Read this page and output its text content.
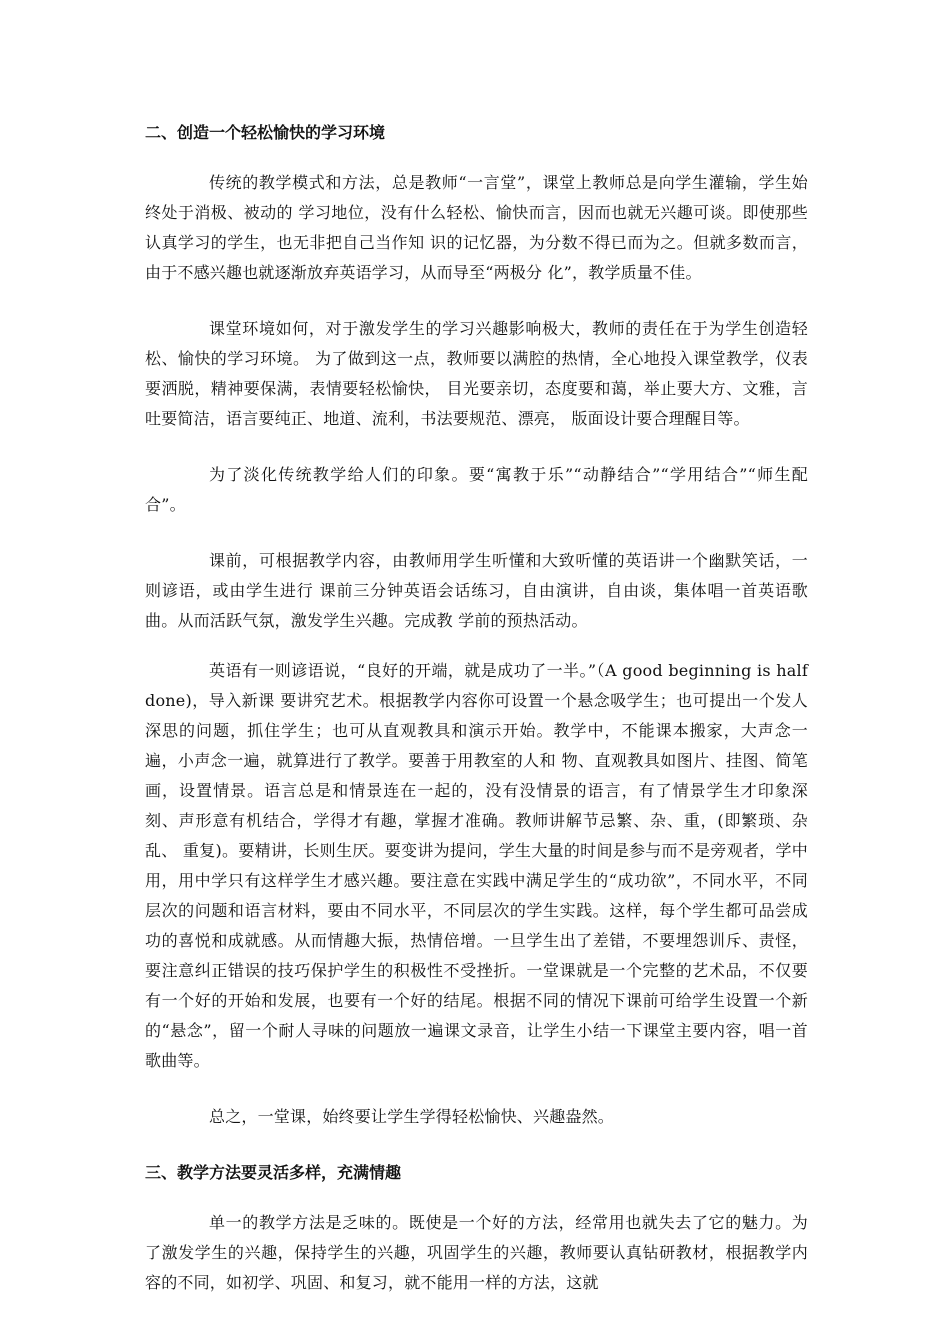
二、创造一个轻松愉快的学习环境

传统的教学模式和方法，总是教师“一言堂”，课堂上教师总是向学生灌输，学生始终处于消极、被动的 学习地位，没有什么轻松、愉快而言，因而也就无兴趣可谈。即使那些认真学习的学生，也无非把自己当作知 识的记忆器，为分数不得已而为之。但就多数而言，由于不感兴趣也就逐渐放弃英语学习，从而导至“两极分 化”，教学质量不佳。

课堂环境如何，对于激发学生的学习兴趣影响极大，教师的责任在于为学生创造轻松、愉快的学习环境。 为了做到这一点，教师要以满腔的热情，全心地投入课堂教学，仪表要洒脱，精神要保满，表情要轻松愉快， 目光要亲切，态度要和蔼，举止要大方、文雅，言吐要简洁，语言要纯正、地道、流利，书法要规范、漂亮， 版面设计要合理醒目等。

为了淡化传统教学给人们的印象。要“寓教于乐”“动静结合”“学用结合”“师生配合”。

课前，可根据教学内容，由教师用学生听懂和大致听懂的英语讲一个幽默笑话，一则谚语，或由学生进行 课前三分钟英语会话练习，自由演讲，自由谈，集体唱一首英语歌曲。从而活跃气氛，激发学生兴趣。完成教 学前的预热活动。

英语有一则谚语说，“良好的开端，就是成功了一半。”（A good beginning is half done)，导入新课 要讲究艺术。根据教学内容你可设置一个悬念吸学生；也可提出一个发人深思的问题，抓住学生；也可从直观教具和演示开始。教学中，不能课本搬家，大声念一遍，小声念一遍，就算进行了教学。要善于用教室的人和 物、直观教具如图片、挂图、简笔画，设置情景。语言总是和情景连在一起的，没有没情景的语言，有了情景学生才印象深刻、声形意有机结合，学得才有趣，掌握才准确。教师讲解节忌繁、杂、重，(即繁琐、杂乱、 重复)。要精讲，长则生厌。要变讲为提问，学生大量的时间是参与而不是旁观者，学中用，用中学只有这样学生才感兴趣。要注意在实践中满足学生的“成功欲”，不同水平，不同层次的问题和语言材料，要由不同水平，不同层次的学生实践。这样，每个学生都可品尝成功的喜悦和成就感。从而情趣大振，热情倍增。一旦学生出了差错，不要埋怨训斥、责怪，要注意纠正错误的技巧保护学生的积极性不受挫折。一堂课就是一个完整的艺术品，不仅要有一个好的开始和发展，也要有一个好的结尾。根据不同的情况下课前可给学生设置一个新的“悬念”，留一个耐人寻味的问题放一遍课文录音，让学生小结一下课堂主要内容，唱一首歌曲等。

总之，一堂课，始终要让学生学得轻松愉快、兴趣盎然。

三、教学方法要灵活多样，充满情趣

单一的教学方法是乏味的。既使是一个好的方法，经常用也就失去了它的魅力。为了激发学生的兴趣，保持学生的兴趣，巩固学生的兴趣，教师要认真钻研教材，根据教学内容的不同，如初学、巩固、和复习，就不能用一样的方法，这就
